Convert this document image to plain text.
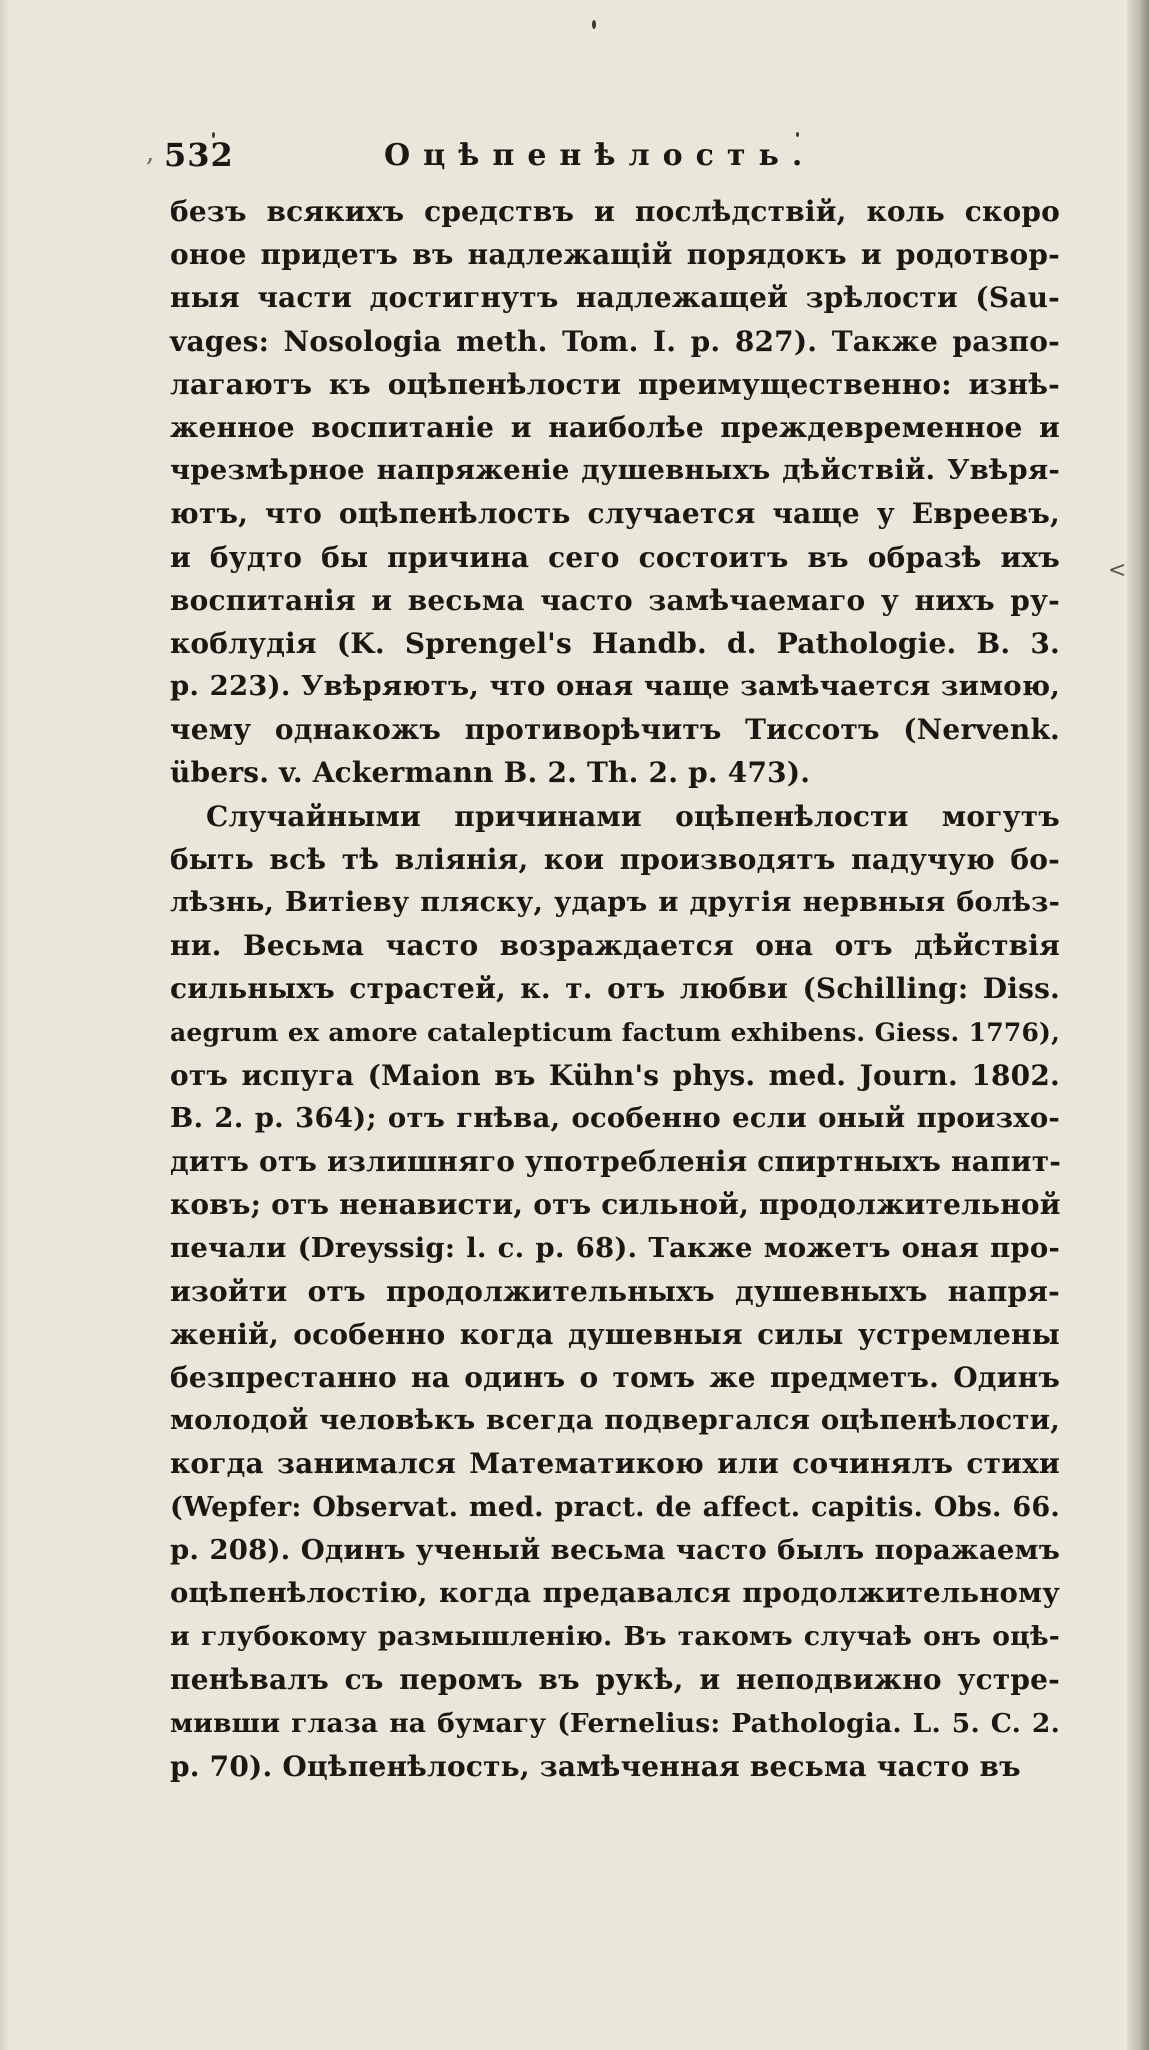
, 532	Оцѣпенѣлость.
<
безъ всякихъ средствъ и послѣдствій, коль скоро
оное придетъ въ надлежащій порядокъ и родотвор-
ныя части достигнутъ надлежащей зрѣлости (Sau-
vages: Nosologia meth. Tom. I. p. 827). Также разпо-
лагаютъ къ оцѣпенѣлости преимущественно: изнѣ-
женное воспитаніе и наиболѣе преждевременное и
чрезмѣрное напряженіе душевныхъ дѣйствій. Увѣря-
ютъ, что оцѣпенѣлость случается чаще у Евреевъ,
и будто бы причина сего состоитъ въ образѣ ихъ
воспитанія и весьма часто замѣчаемаго у нихъ ру-
коблудія (K. Sprengel's Handb. d. Pathologie. B. 3.
p. 223). Увѣряютъ, что оная чаще замѣчается зимою,
чему однакожъ противорѣчитъ Тиссотъ (Nervenk.
übers. v. Ackermann B. 2. Th. 2. p. 473).
Случайными причинами оцѣпенѣлости могутъ
быть всѣ тѣ вліянія, кои производятъ падучую бо-
лѣзнь, Витіеву пляску, ударъ и другія нервныя болѣз-
ни. Весьма часто возраждается она отъ дѣйствія
сильныхъ страстей, к. т. отъ любви (Schilling: Diss.
aegrum ex amore catalepticum factum exhibens. Giess. 1776),
отъ испуга (Maion въ Kühn's phys. med. Journ. 1802.
B. 2. p. 364); отъ гнѣва, особенно если оный произхо-
дитъ отъ излишняго употребленія спиртныхъ напит-
ковъ; отъ ненависти, отъ сильной, продолжительной
печали (Dreyssig: l. c. p. 68). Также можетъ оная про-
изойти отъ продолжительныхъ душевныхъ напря-
женій, особенно когда душевныя силы устремлены
безпрестанно на одинъ о томъ же предметъ. Одинъ
молодой человѣкъ всегда подвергался оцѣпенѣлости,
когда занимался Математикою или сочинялъ стихи
(Wepfer: Observat. med. pract. de affect. capitis. Obs. 66.
p. 208). Одинъ ученый весьма часто былъ поражаемъ
оцѣпенѣлостію, когда предавался продолжительному
и глубокому размышленію. Въ такомъ случаѣ онъ оцѣ-
пенѣвалъ съ перомъ въ рукѣ, и неподвижно устре-
мивши глаза на бумагу (Fernelius: Pathologia. L. 5. C. 2.
p. 70). Оцѣпенѣлость, замѣченная весьма часто въ
